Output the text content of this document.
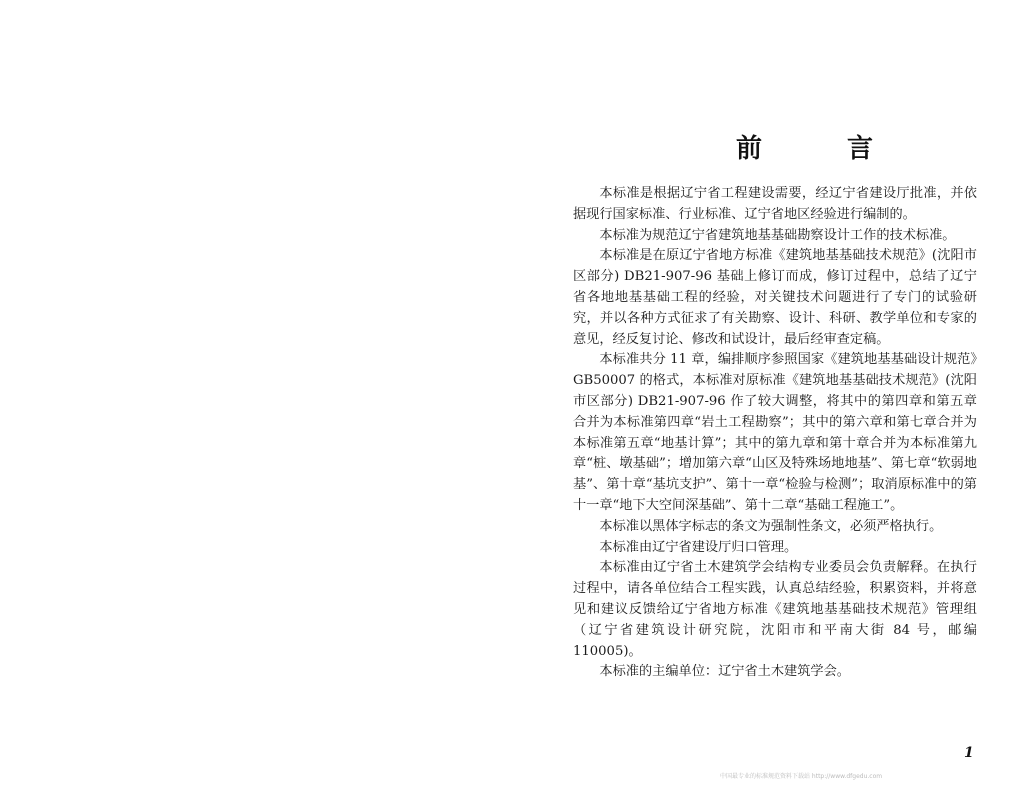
前 言

本标准是根据辽宁省工程建设需要，经辽宁省建设厅批准，并依据现行国家标准、行业标准、辽宁省地区经验进行编制的。

本标准为规范辽宁省建筑地基基础勘察设计工作的技术标准。

本标准是在原辽宁省地方标准《建筑地基基础技术规范》(沈阳市区部分) DB21-907-96 基础上修订而成，修订过程中，总结了辽宁省各地地基基础工程的经验，对关键技术问题进行了专门的试验研究，并以各种方式征求了有关勘察、设计、科研、教学单位和专家的意见，经反复讨论、修改和试设计，最后经审查定稿。

本标准共分 11 章，编排顺序参照国家《建筑地基基础设计规范》GB50007 的格式，本标准对原标准《建筑地基基础技术规范》(沈阳市区部分) DB21-907-96 作了较大调整，将其中的第四章和第五章合并为本标准第四章“岩土工程勘察”；其中的第六章和第七章合并为本标准第五章“地基计算”；其中的第九章和第十章合并为本标准第九章“桩、墩基础”；增加第六章“山区及特殊场地地基”、第七章“软弱地基”、第十章“基坑支护”、第十一章“检验与检测”；取消原标准中的第十一章“地下大空间深基础”、第十二章“基础工程施工”。

本标准以黑体字标志的条文为强制性条文，必须严格执行。

本标准由辽宁省建设厅归口管理。

本标准由辽宁省土木建筑学会结构专业委员会负责解释。在执行过程中，请各单位结合工程实践，认真总结经验，积累资料，并将意见和建议反馈给辽宁省地方标准《建筑地基基础技术规范》管理组（辽宁省建筑设计研究院，沈阳市和平南大街 84 号，邮编 110005)。

本标准的主编单位：辽宁省土木建筑学会。

1
中国最专业的标准规范资料下载站 http://www.dfgedu.com
